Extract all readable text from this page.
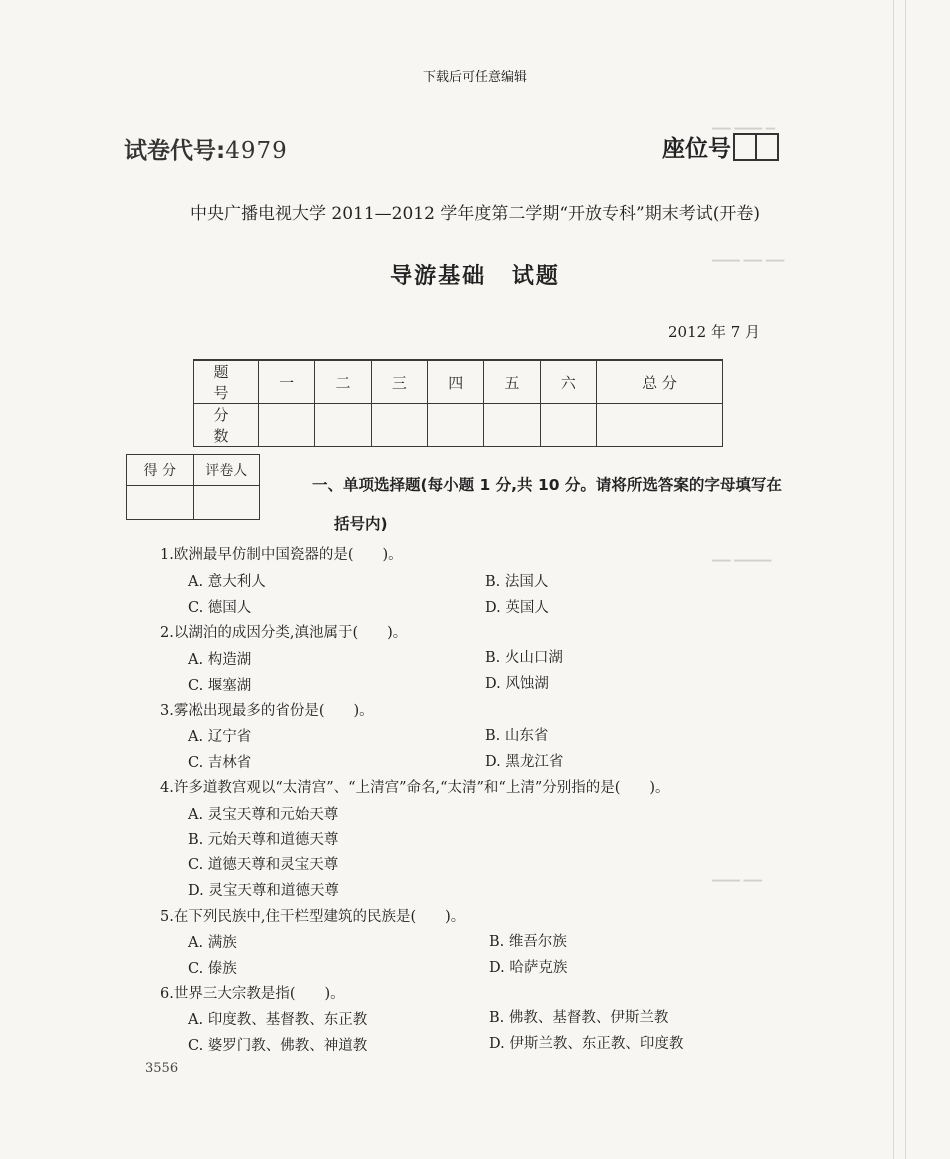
▔▔ ▔▔▔ ▔
▔▔▔ ▔▔ ▔▔
▔▔ ▔▔▔▔
▔▔▔ ▔▔
下载后可任意编辑
试卷代号:4979	座位号
中央广播电视大学 2011—2012 学年度第二学期“开放专科”期末考试(开卷)
导游基础 试题
2012 年 7 月
题 号	一	二	三	四	五	六	总 分
分 数							
得 分	评卷人

一、单项选择题(每小题 1 分,共 10 分。请将所选答案的字母填写在
括号内)
1.欧洲最早仿制中国瓷器的是(　　)。
A. 意大利人	B. 法国人
C. 德国人	D. 英国人
2.以湖泊的成因分类,滇池属于(　　)。
A. 构造湖	B. 火山口湖
C. 堰塞湖	D. 风蚀湖
3.雾凇出现最多的省份是(　　)。
A. 辽宁省	B. 山东省
C. 吉林省	D. 黑龙江省
4.许多道教宫观以“太清宫”、“上清宫”命名,“太清”和“上清”分别指的是(　　)。
A. 灵宝天尊和元始天尊
B. 元始天尊和道德天尊
C. 道德天尊和灵宝天尊
D. 灵宝天尊和道德天尊
5.在下列民族中,住干栏型建筑的民族是(　　)。
A. 满族	B. 维吾尔族
C. 傣族	D. 哈萨克族
6.世界三大宗教是指(　　)。
A. 印度教、基督教、东正教	B. 佛教、基督教、伊斯兰教
C. 婆罗门教、佛教、神道教	D. 伊斯兰教、东正教、印度教
3556
